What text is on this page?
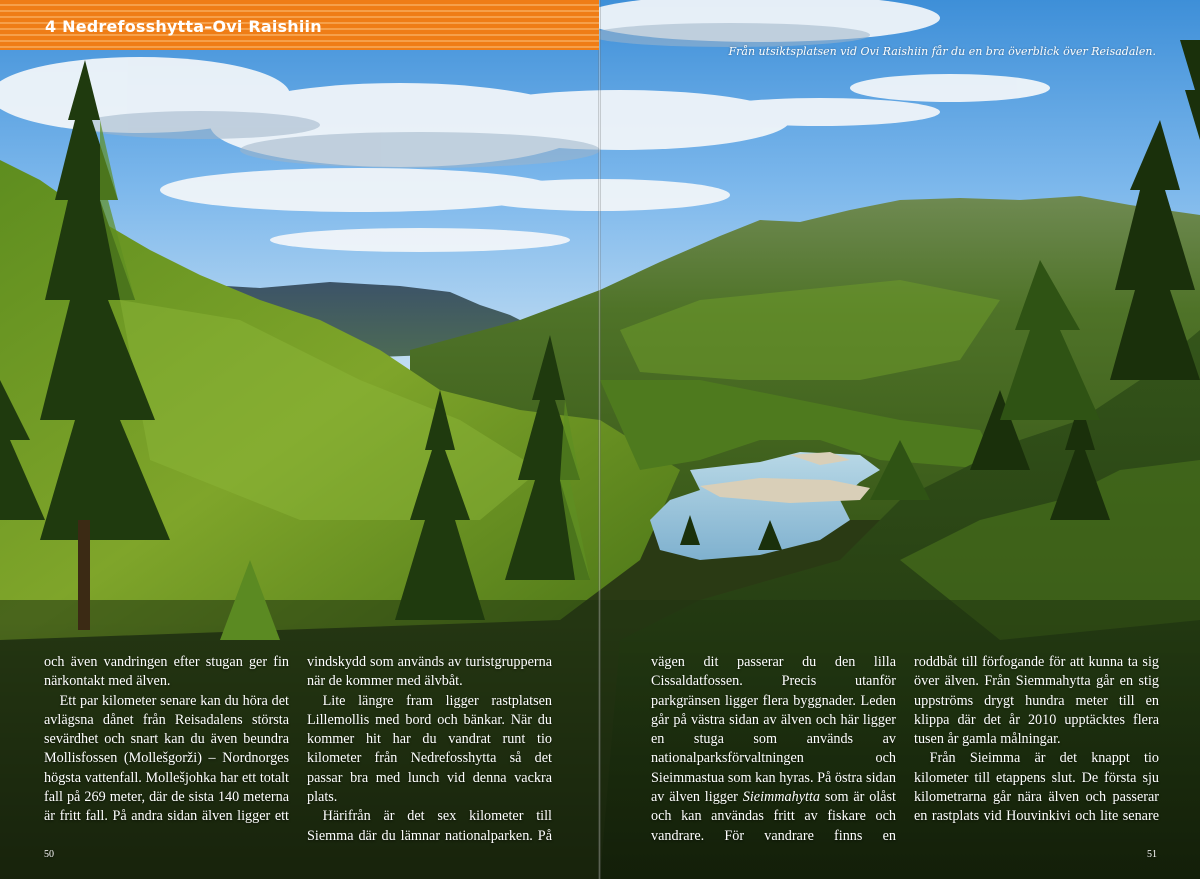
4 Nedrefosshytta–Ovi Raishiin
Från utsiktsplatsen vid Ovi Raishiin får du en bra överblick över Reisadalen.

och även vandringen efter stugan ger fin närkontakt med älven.

Ett par kilometer senare kan du höra det avlägsna dånet från Reisadalens största sevärdhet och snart kan du även beundra Mollisfossen (Mollešgorži) – Nordnorges högsta vattenfall. Mollešjohka har ett totalt fall på 269 meter, där de sista 140 meterna är fritt fall. På andra sidan älven ligger ett

vindskydd som används av turistgrupperna när de kommer med älvbåt.

Lite längre fram ligger rastplatsen Lillemollis med bord och bänkar. När du kommer hit har du vandrat runt tio kilometer från Nedrefosshytta så det passar bra med lunch vid denna vackra plats.

Härifrån är det sex kilometer till Siemma där du lämnar nationalparken. På

vägen dit passerar du den lilla Cissaldatfossen. Precis utanför parkgränsen ligger flera byggnader. Leden går på västra sidan av älven och här ligger en stuga som används av nationalparksförvaltningen och Sieimmastua som kan hyras. På östra sidan av älven ligger Sieimmahytta som är olåst och kan användas fritt av fiskare och vandrare. För vandrare finns en

roddbåt till förfogande för att kunna ta sig över älven. Från Siemmahytta går en stig uppströms drygt hundra meter till en klippa där det år 2010 upptäcktes flera tusen år gamla målningar.

Från Sieimma är det knappt tio kilometer till etappens slut. De första sju kilometrarna går nära älven och passerar en rastplats vid Houvinkivi och lite senare

50	51
